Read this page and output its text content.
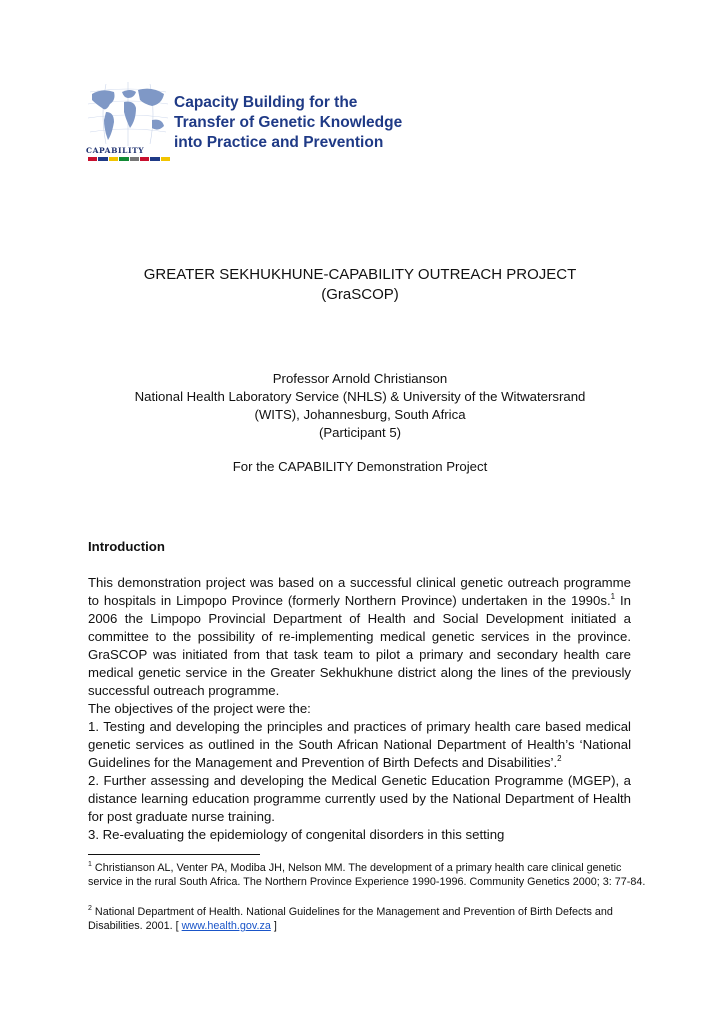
CAPABILITY
Capacity Building for the
Transfer of Genetic Knowledge
into Practice and Prevention
GREATER SEKHUKHUNE-CAPABILITY OUTREACH PROJECT
(GraSCOP)
Professor Arnold Christianson
National Health Laboratory Service (NHLS) & University of the Witwatersrand
(WITS), Johannesburg, South Africa
(Participant 5)
For the CAPABILITY Demonstration Project
Introduction

This demonstration project was based on a successful clinical genetic outreach programme to hospitals in Limpopo Province (formerly Northern Province) undertaken in the 1990s.$^1$ In 2006 the Limpopo Provincial Department of Health and Social Development initiated a committee to the possibility of re-implementing medical genetic services in the province. GraSCOP was initiated from that task team to pilot a primary and secondary health care medical genetic service in the Greater Sekhukhune district along the lines of the previously successful outreach programme.

The objectives of the project were the:

1. Testing and developing the principles and practices of primary health care based medical genetic services as outlined in the South African National Department of Health’s ‘National Guidelines for the Management and Prevention of Birth Defects and Disabilities’.$^2$

2. Further assessing and developing the Medical Genetic Education Programme (MGEP), a distance learning education programme currently used by the National Department of Health for post graduate nurse training.

3. Re-evaluating the epidemiology of congenital disorders in this setting

$^1$ Christianson AL, Venter PA, Modiba JH, Nelson MM. The development of a primary health care clinical genetic service in the rural South Africa. The Northern Province Experience 1990-1996. Community Genetics 2000; 3: 77-84.
$^2$ National Department of Health. National Guidelines for the Management and Prevention of Birth Defects and Disabilities. 2001. [ www.health.gov.za ]
